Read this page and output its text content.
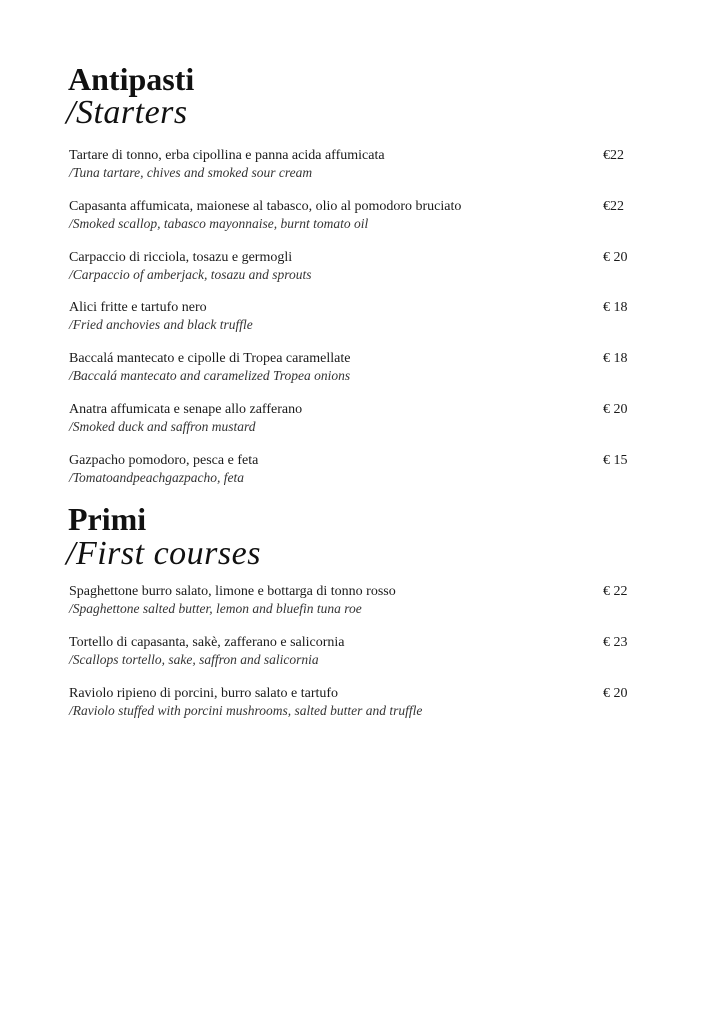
Antipasti
/Starters
Tartare di tonno, erba cipollina e panna acida affumicata
/Tuna tartare, chives and smoked sour cream
€22
Capasanta affumicata, maionese al tabasco, olio al pomodoro bruciato
/Smoked scallop, tabasco mayonnaise, burnt tomato oil
€22
Carpaccio di ricciola, tosazu e germogli
/Carpaccio of amberjack, tosazu and sprouts
€ 20
Alici fritte e tartufo nero
/Fried anchovies and black truffle
€ 18
Baccalá mantecato e cipolle di Tropea caramellate
/Baccalá mantecato and caramelized Tropea onions
€ 18
Anatra affumicata e senape allo zafferano
/Smoked duck and saffron mustard
€ 20
Gazpacho pomodoro, pesca e feta
/Tomatoandpeachgazpacho, feta
€ 15
Primi
/First courses
Spaghettone burro salato, limone e bottarga di tonno rosso
/Spaghettone salted butter, lemon and bluefin tuna roe
€ 22
Tortello di capasanta, sakè, zafferano e salicornia
/Scallops tortello, sake, saffron and salicornia
€ 23
Raviolo ripieno di porcini, burro salato e tartufo
/Raviolo stuffed with porcini mushrooms, salted butter and truffle
€ 20
